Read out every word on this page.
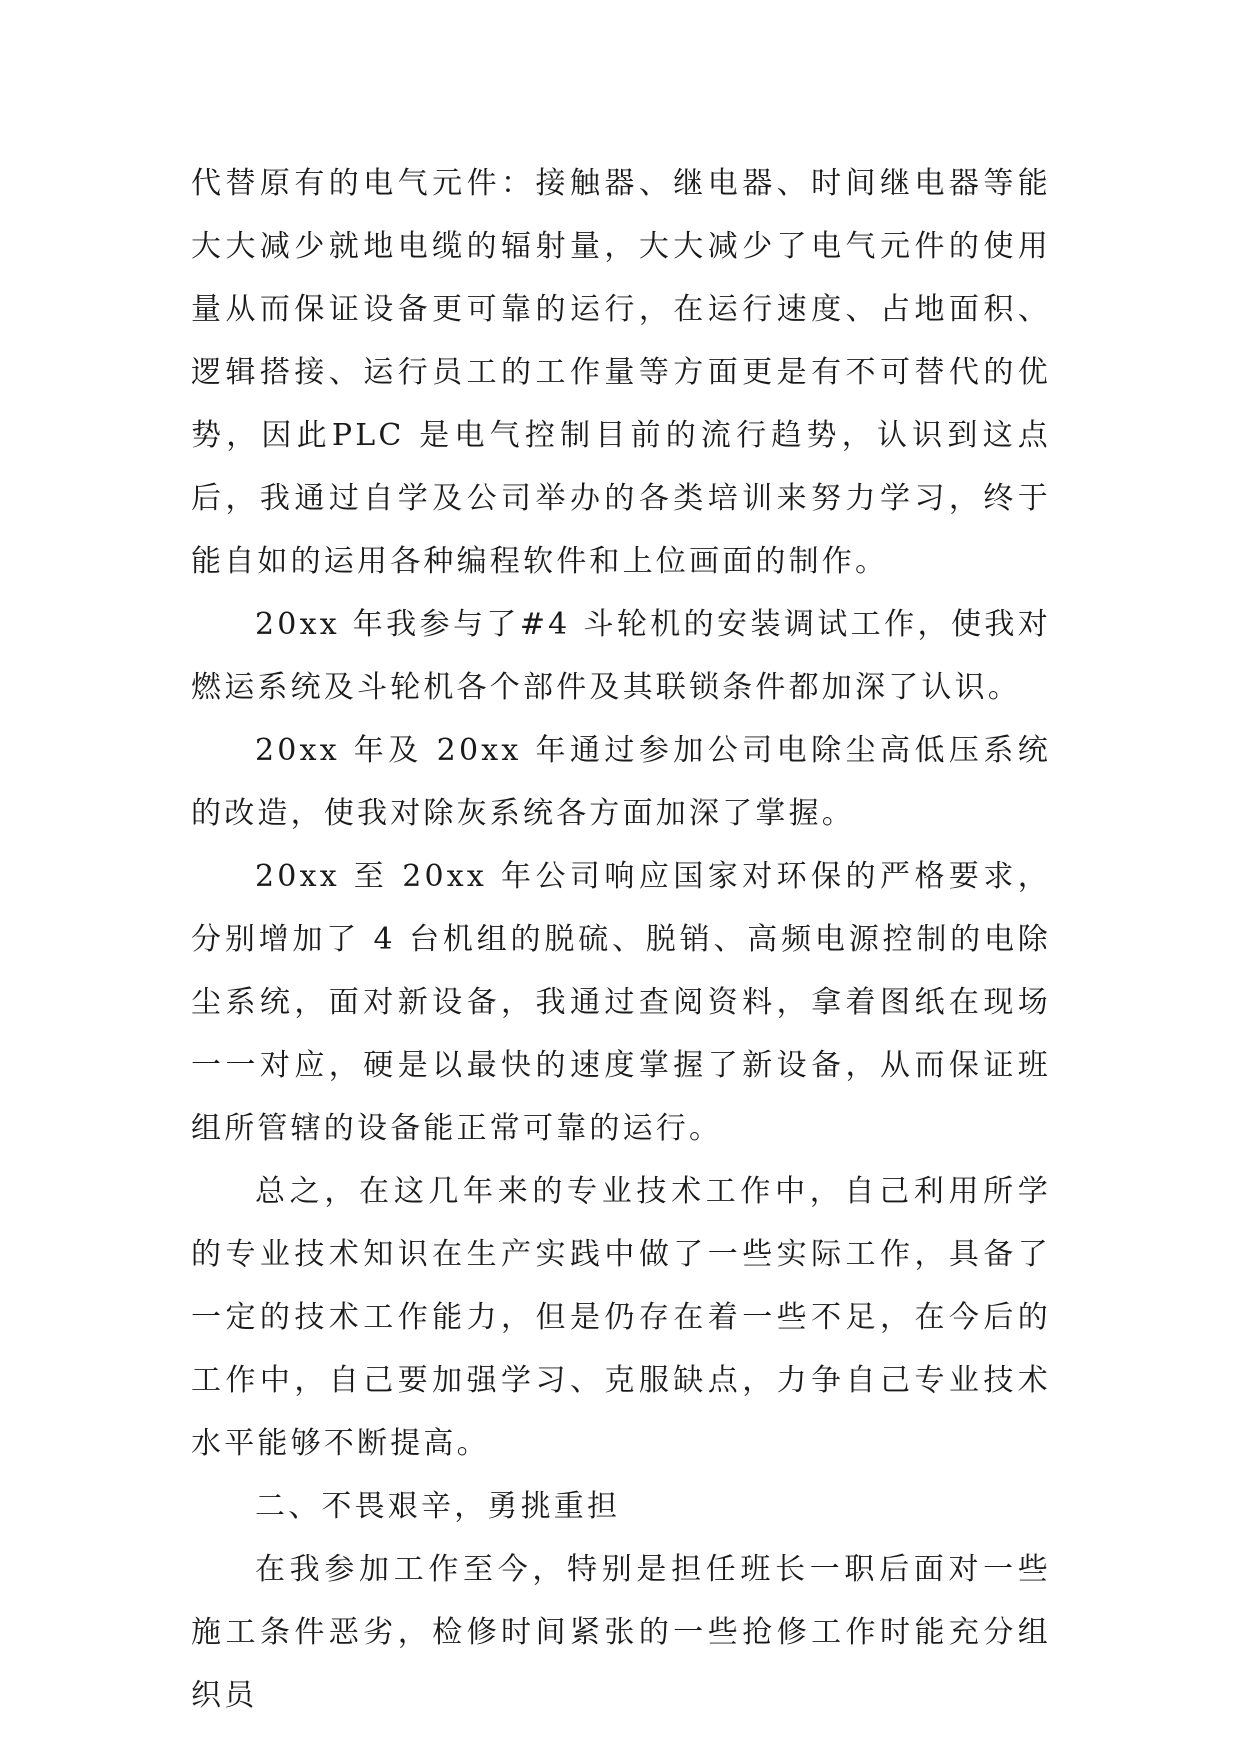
代替原有的电气元件：接触器、继电器、时间继电器等能大大减少就地电缆的辐射量，大大减少了电气元件的使用量从而保证设备更可靠的运行，在运行速度、占地面积、逻辑搭接、运行员工的工作量等方面更是有不可替代的优势，因此PLC 是电气控制目前的流行趋势，认识到这点后，我通过自学及公司举办的各类培训来努力学习，终于能自如的运用各种编程软件和上位画面的制作。

20xx 年我参与了#4 斗轮机的安装调试工作，使我对燃运系统及斗轮机各个部件及其联锁条件都加深了认识。

20xx 年及 20xx 年通过参加公司电除尘高低压系统的改造，使我对除灰系统各方面加深了掌握。

20xx 至 20xx 年公司响应国家对环保的严格要求，分别增加了 4 台机组的脱硫、脱销、高频电源控制的电除尘系统，面对新设备，我通过查阅资料，拿着图纸在现场一一对应，硬是以最快的速度掌握了新设备，从而保证班组所管辖的设备能正常可靠的运行。

总之，在这几年来的专业技术工作中，自己利用所学的专业技术知识在生产实践中做了一些实际工作，具备了一定的技术工作能力，但是仍存在着一些不足，在今后的工作中，自己要加强学习、克服缺点，力争自己专业技术水平能够不断提高。

二、不畏艰辛，勇挑重担

在我参加工作至今，特别是担任班长一职后面对一些施工条件恶劣，检修时间紧张的一些抢修工作时能充分组织员
